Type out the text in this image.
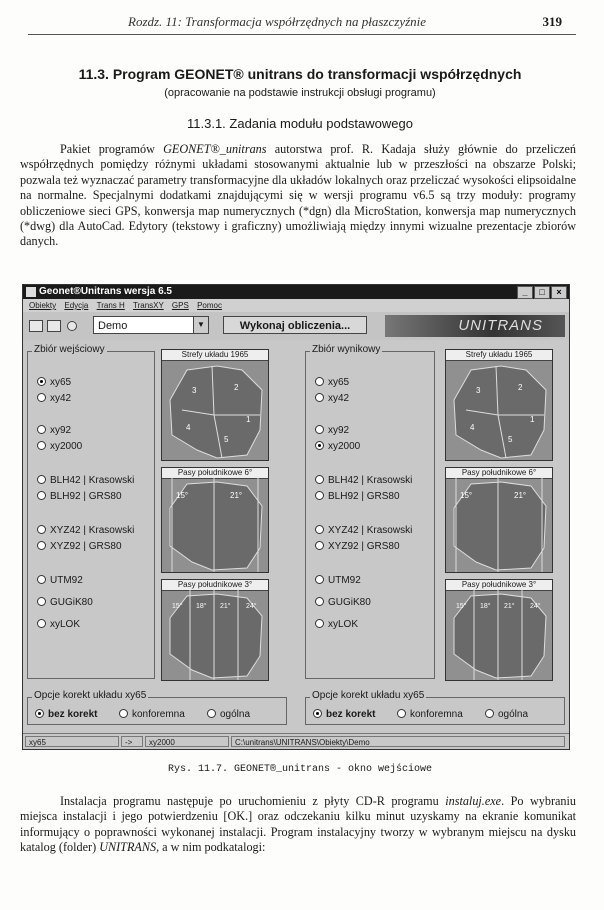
Rozdz. 11: Transformacja współrzędnych na płaszczyźnie	319
11.3. Program GEONET® unitrans do transformacji współrzędnych
(opracowanie na podstawie instrukcji obsługi programu)
11.3.1. Zadania modułu podstawowego
Pakiet programów GEONET®_unitrans autorstwa prof. R. Kadaja służy głównie do przeliczeń współrzędnych pomiędzy różnymi układami stosowanymi aktualnie lub w przeszłości na obszarze Polski; pozwala też wyznaczać parametry transformacyjne dla układów lokalnych oraz przeliczać wysokości elipsoidalne na normalne. Specjalnymi dodatkami znajdującymi się w wersji programu v6.5 są trzy moduły: programy obliczeniowe sieci GPS, konwersja map numerycznych (*dgn) dla MicroStation, konwersja map numerycznych (*dwg) dla AutoCad. Edytory (tekstowy i graficzny) umożliwiają między innymi wizualne prezentacje zbiorów danych.
Geonet®Unitrans wersja 6.5	_ □ ×
Obiekty Edycja Trans H TransXY GPS Pomoc
Demo	▼	Wykonaj obliczenia...	UNITRANS
Zbiór wejściowy	Zbiór wynikowy
xy65
xy42
xy92
xy2000
BLH42 | Krasowski
BLH92 | GRS80
XYZ42 | Krasowski
XYZ92 | GRS80
UTM92
GUGiK80
xyLOK
bez korekt	konforemna	ogólna
xy65
xy42
xy92
xy2000
BLH42 | Krasowski
BLH92 | GRS80
XYZ42 | Krasowski
XYZ92 | GRS80
UTM92
GUGiK80
xyLOK
bez korekt	konforemna	ogólna
Strefy układu 1965
3	2
4
1
5
Pasy południkowe 6°
15°	21°
Pasy południkowe 3°
15° 18° 21° 24°
Strefy układu 1965
3	2
4
1
5
Pasy południkowe 6°
15°	21°
Pasy południkowe 3°
15° 18° 21° 24°
Opcje korekt układu xy65	Opcje korekt układu xy65
xy65	->	xy2000	C:\unitrans\UNITRANS\Obiekty\Demo
Rys. 11.7. GEONET®_unitrans - okno wejściowe
Instalacja programu następuje po uruchomieniu z płyty CD-R programu instaluj.exe. Po wybraniu miejsca instalacji i jego potwierdzeniu [OK.] oraz odczekaniu kilku minut uzyskamy na ekranie komunikat informujący o poprawności wykonanej instalacji. Program instalacyjny tworzy w wybranym miejscu na dysku katalog (folder) UNITRANS, a w nim podkatalogi:
